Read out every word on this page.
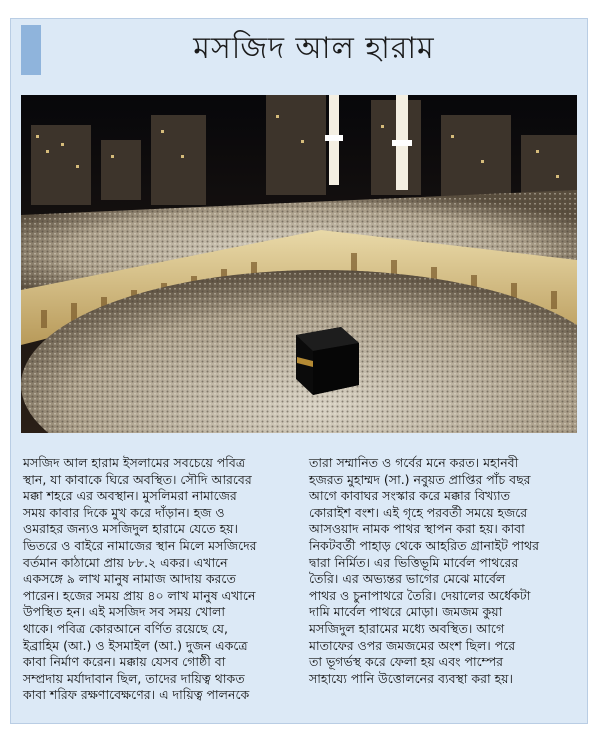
মসজিদ আল হারাম
মসজিদ আল হারাম ইসলামের সবচেয়ে পবিত্র
স্থান, যা কাবাকে ঘিরে অবস্থিত। সৌদি আরবের
মক্কা শহরে এর অবস্থান। মুসলিমরা নামাজের
সময় কাবার দিকে মুখ করে দাঁড়ান। হজ ও
ওমরাহর জন্যও মসজিদুল হারামে যেতে হয়।
ভিতরে ও বাইরে নামাজের স্থান মিলে মসজিদের
বর্তমান কাঠামো প্রায় ৮৮.২ একর। এখানে
একসঙ্গে ৯ লাখ মানুষ নামাজ আদায় করতে
পারেন। হজের সময় প্রায় ৪০ লাখ মানুষ এখানে
উপস্থিত হন। এই মসজিদ সব সময় খোলা
থাকে। পবিত্র কোরআনে বর্ণিত রয়েছে যে,
ইব্রাহিম (আ.) ও ইসমাইল (আ.) দুজন একত্রে
কাবা নির্মাণ করেন। মক্কায় যেসব গোষ্ঠী বা
সম্প্রদায় মর্যাদাবান ছিল, তাদের দায়িত্ব থাকত
কাবা শরিফ রক্ষণাবেক্ষণের। এ দায়িত্ব পালনকে
তারা সম্মানিত ও গর্বের মনে করত। মহানবী
হজরত মুহাম্মদ (সা.) নবুয়ত প্রাপ্তির পাঁচ বছর
আগে কাবাঘর সংস্কার করে মক্কার বিখ্যাত
কোরাইশ বংশ। এই গৃহে পরবর্তী সময়ে হজরে
আসওয়াদ নামক পাথর স্থাপন করা হয়। কাবা
নিকটবর্তী পাহাড় থেকে আহরিত গ্রানাইট পাথর
দ্বারা নির্মিত। এর ভিত্তিভূমি মার্বেল পাথরের
তৈরি। এর অভ্যন্তর ভাগের মেঝে মার্বেল
পাথর ও চুনাপাথরে তৈরি। দেয়ালের অর্ধেকটা
দামি মার্বেল পাথরে মোড়া। জমজম কুয়া
মসজিদুল হারামের মধ্যে অবস্থিত। আগে
মাতাফের ওপর জমজমের অংশ ছিল। পরে
তা ভূগর্ভস্থ করে ফেলা হয় এবং পাম্পের
সাহায্যে পানি উত্তোলনের ব্যবস্থা করা হয়।
